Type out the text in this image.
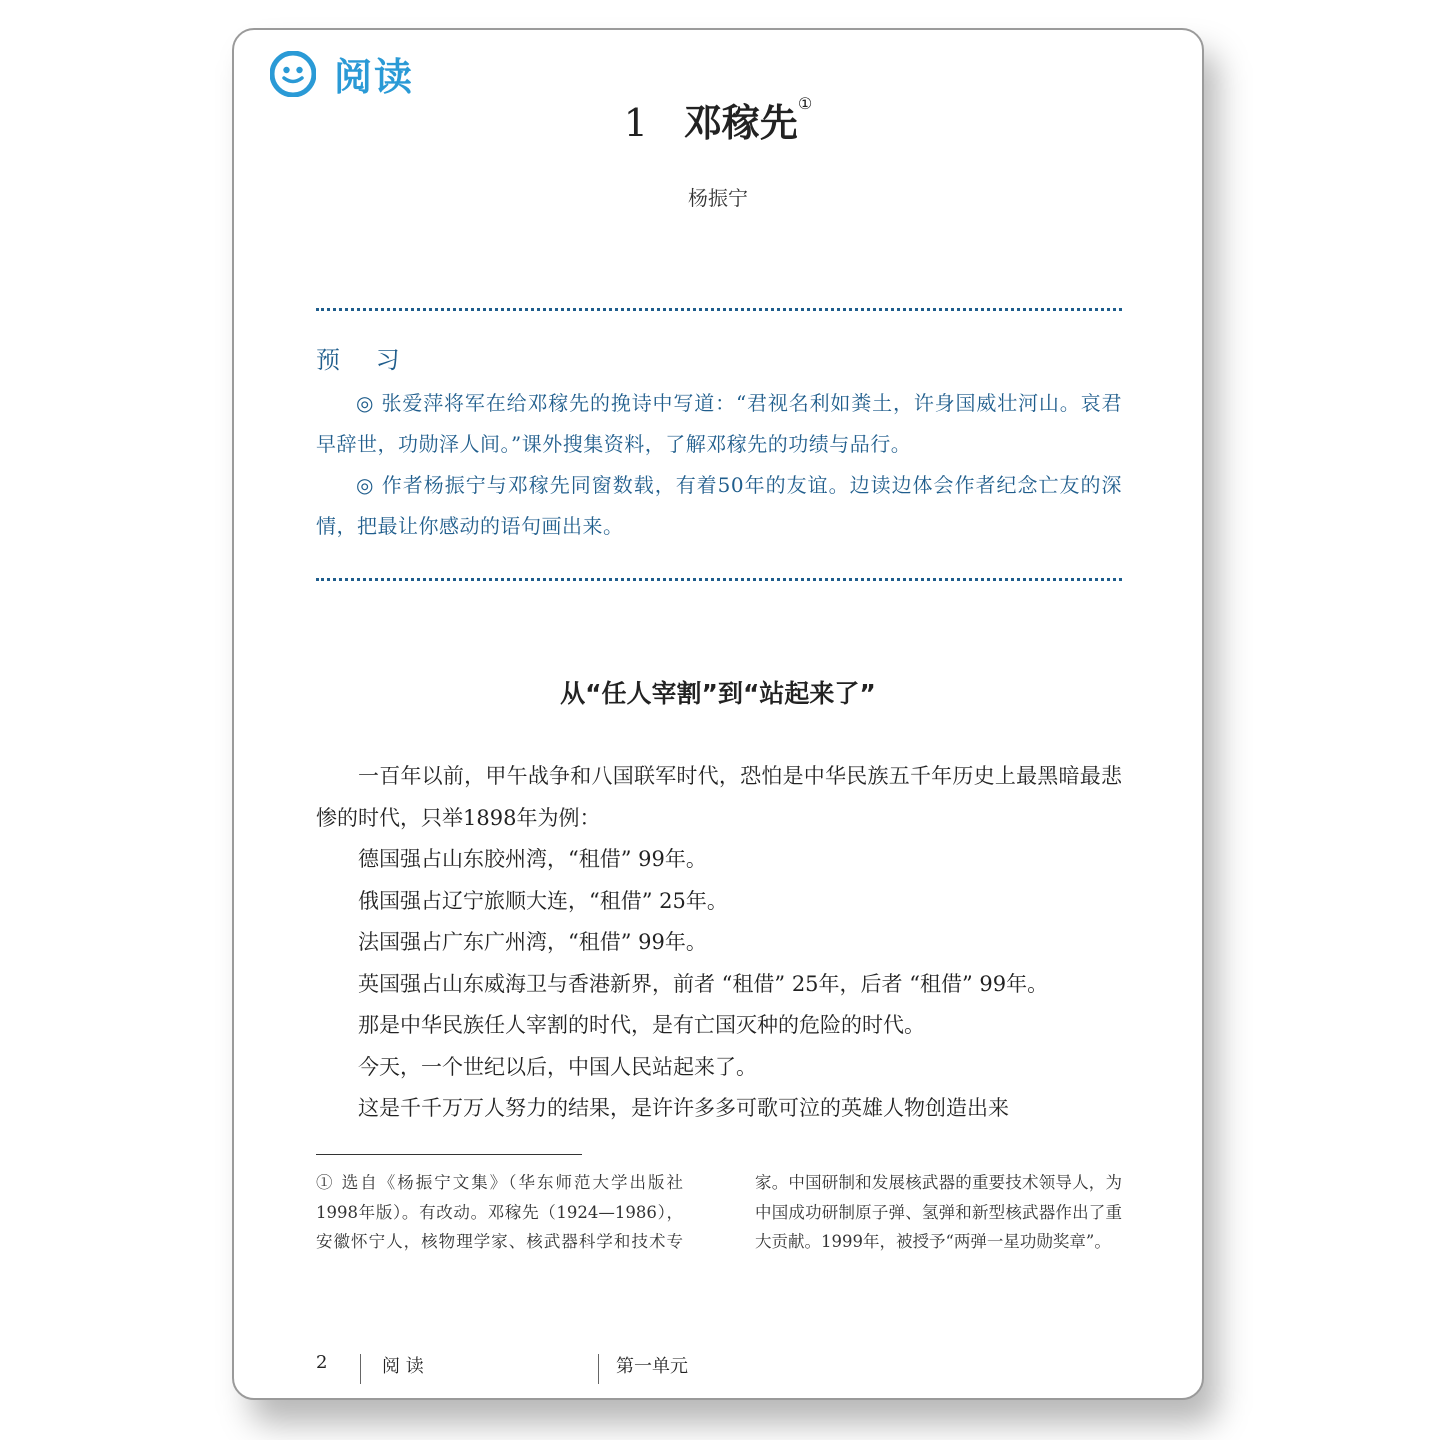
阅读
1 邓稼先①
杨振宁
预 习

◎ 张爱萍将军在给邓稼先的挽诗中写道：“君视名利如粪土，许身国威壮河山。哀君早辞世，功勋泽人间。”课外搜集资料，了解邓稼先的功绩与品行。

◎ 作者杨振宁与邓稼先同窗数载，有着50年的友谊。边读边体会作者纪念亡友的深情，把最让你感动的语句画出来。

从“任人宰割”到“站起来了”

一百年以前，甲午战争和八国联军时代，恐怕是中华民族五千年历史上最黑暗最悲惨的时代，只举1898年为例：

德国强占山东胶州湾，“租借” 99年。

俄国强占辽宁旅顺大连，“租借” 25年。

法国强占广东广州湾，“租借” 99年。

英国强占山东威海卫与香港新界，前者 “租借” 25年，后者 “租借” 99年。

那是中华民族任人宰割的时代，是有亡国灭种的危险的时代。

今天，一个世纪以后，中国人民站起来了。

这是千千万万人努力的结果，是许许多多可歌可泣的英雄人物创造出来

① 选自《杨振宁文集》（华东师范大学出版社1998年版）。有改动。邓稼先（1924—1986），安徽怀宁人，核物理学家、核武器科学和技术专家。中国研制和发展核武器的重要技术领导人，为中国成功研制原子弹、氢弹和新型核武器作出了重大贡献。1999年，被授予“两弹一星功勋奖章”。

2	阅 读	第一单元
